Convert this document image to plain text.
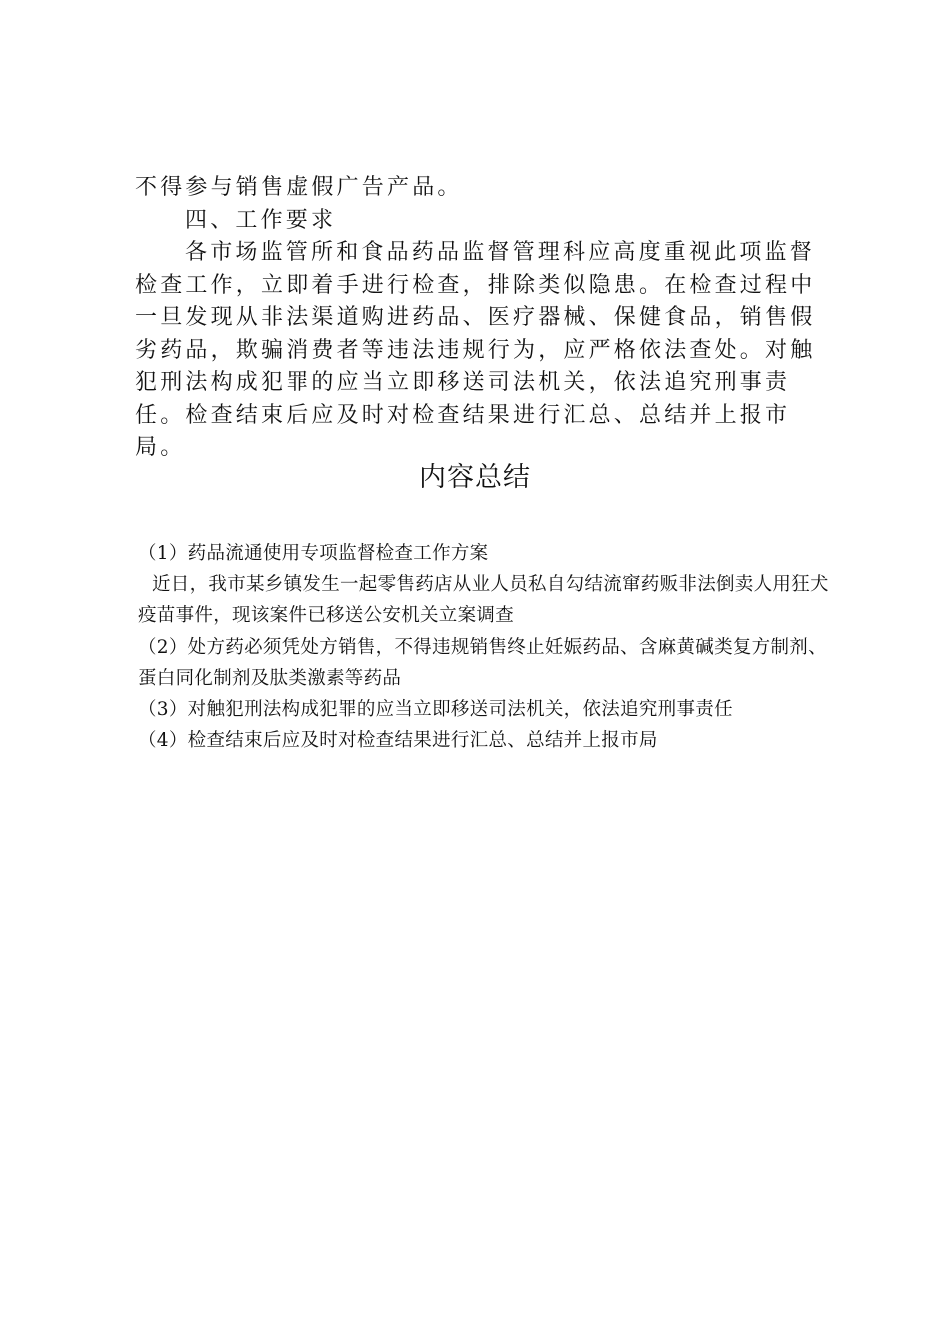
不得参与销售虚假广告产品。

四、工作要求

各市场监管所和食品药品监督管理科应高度重视此项监督检查工作，立即着手进行检查，排除类似隐患。在检查过程中一旦发现从非法渠道购进药品、医疗器械、保健食品，销售假劣药品，欺骗消费者等违法违规行为，应严格依法查处。对触犯刑法构成犯罪的应当立即移送司法机关，依法追究刑事责任。检查结束后应及时对检查结果进行汇总、总结并上报市局。

内容总结

（1）药品流通使用专项监督检查工作方案

近日，我市某乡镇发生一起零售药店从业人员私自勾结流窜药贩非法倒卖人用狂犬疫苗事件，现该案件已移送公安机关立案调查

（2）处方药必须凭处方销售，不得违规销售终止妊娠药品、含麻黄碱类复方制剂、蛋白同化制剂及肽类激素等药品

（3）对触犯刑法构成犯罪的应当立即移送司法机关，依法追究刑事责任

（4）检查结束后应及时对检查结果进行汇总、总结并上报市局
